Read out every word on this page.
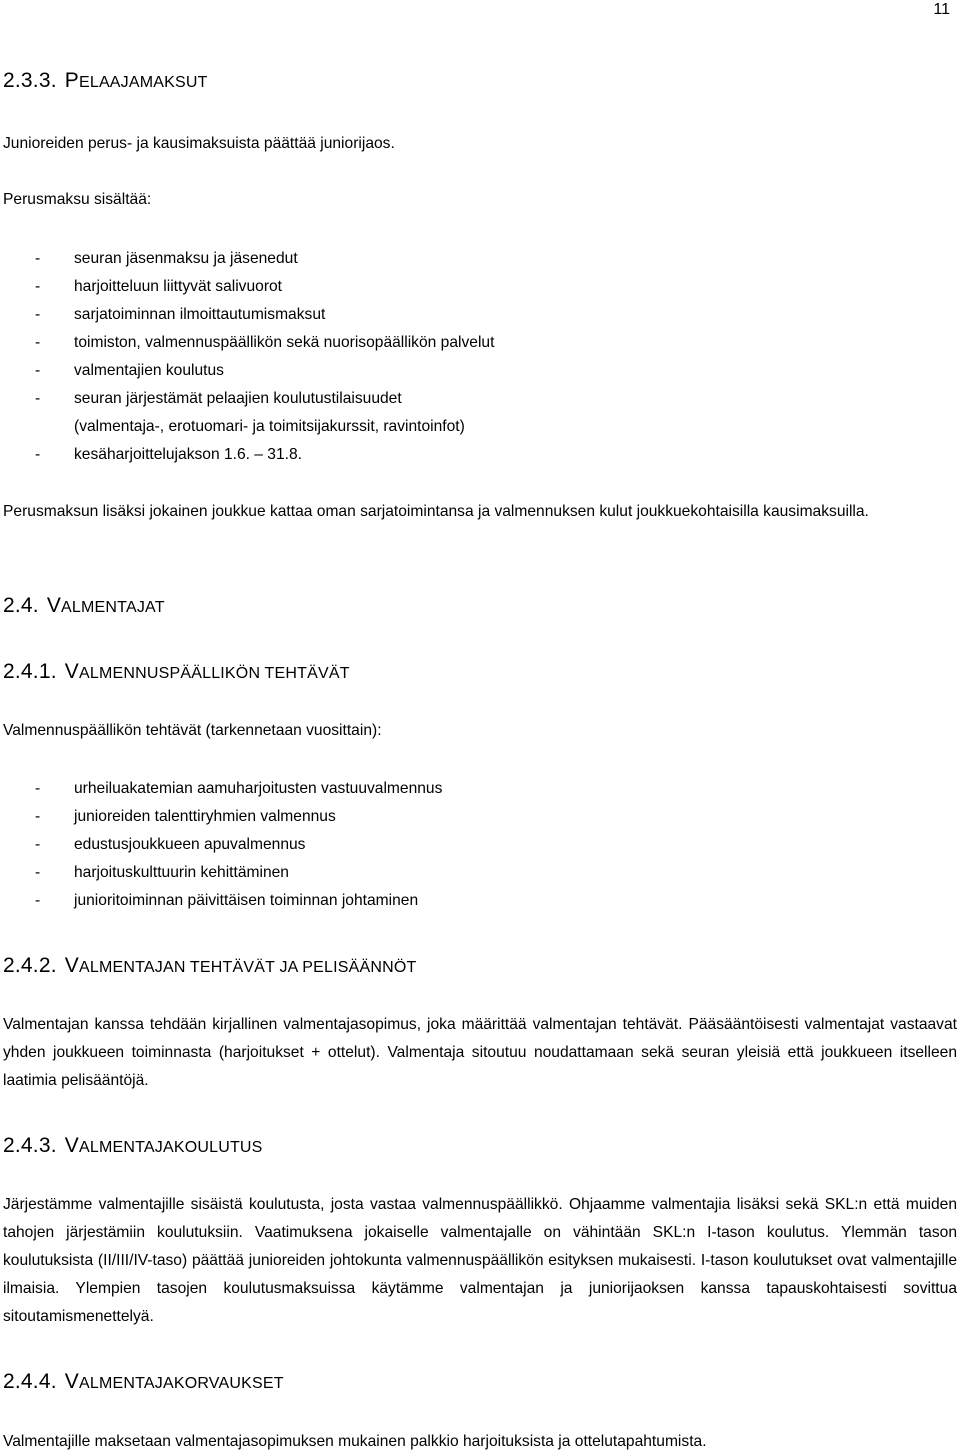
11
2.3.3. PELAAJAMAKSUT
Junioreiden perus- ja kausimaksuista päättää juniorijaos.
Perusmaksu sisältää:
- seuran jäsenmaksu ja jäsenedut
- harjoitteluun liittyvät salivuorot
- sarjatoiminnan ilmoittautumismaksut
- toimiston, valmennuspäällikön sekä nuorisopäällikön palvelut
- valmentajien koulutus
- seuran järjestämät pelaajien koulutustilaisuudet
(valmentaja-, erotuomari- ja toimitsijakurssit, ravintoinfot)
- kesäharjoittelujakson 1.6. – 31.8.
Perusmaksun lisäksi jokainen joukkue kattaa oman sarjatoimintansa ja valmennuksen kulut joukkuekohtaisilla kausimaksuilla.
2.4. VALMENTAJAT
2.4.1. VALMENNUSPÄÄLLIKÖN TEHTÄVÄT
Valmennuspäällikön tehtävät (tarkennetaan vuosittain):
- urheiluakatemian aamuharjoitusten vastuuvalmennus
- junioreiden talenttiryhmien valmennus
- edustusjoukkueen apuvalmennus
- harjoituskulttuurin kehittäminen
- junioritoiminnan päivittäisen toiminnan johtaminen
2.4.2. VALMENTAJAN TEHTÄVÄT JA PELISÄÄNNÖT
Valmentajan kanssa tehdään kirjallinen valmentajasopimus, joka määrittää valmentajan tehtävät. Pääsääntöisesti valmentajat vastaavat yhden joukkueen toiminnasta (harjoitukset + ottelut). Valmentaja sitoutuu noudattamaan sekä seuran yleisiä että joukkueen itselleen laatimia pelisääntöjä.
2.4.3. VALMENTAJAKOULUTUS
Järjestämme valmentajille sisäistä koulutusta, josta vastaa valmennuspäällikkö. Ohjaamme valmentajia lisäksi sekä SKL:n että muiden tahojen järjestämiin koulutuksiin. Vaatimuksena jokaiselle valmentajalle on vähintään SKL:n I-tason koulutus. Ylemmän tason koulutuksista (II/III/IV-taso) päättää junioreiden johtokunta valmennuspäällikön esityksen mukaisesti. I-tason koulutukset ovat valmentajille ilmaisia. Ylempien tasojen koulutusmaksuissa käytämme valmentajan ja juniorijaoksen kanssa tapauskohtaisesti sovittua sitoutamismenettelyä.
2.4.4. VALMENTAJAKORVAUKSET
Valmentajille maksetaan valmentajasopimuksen mukainen palkkio harjoituksista ja ottelutapahtumista.
